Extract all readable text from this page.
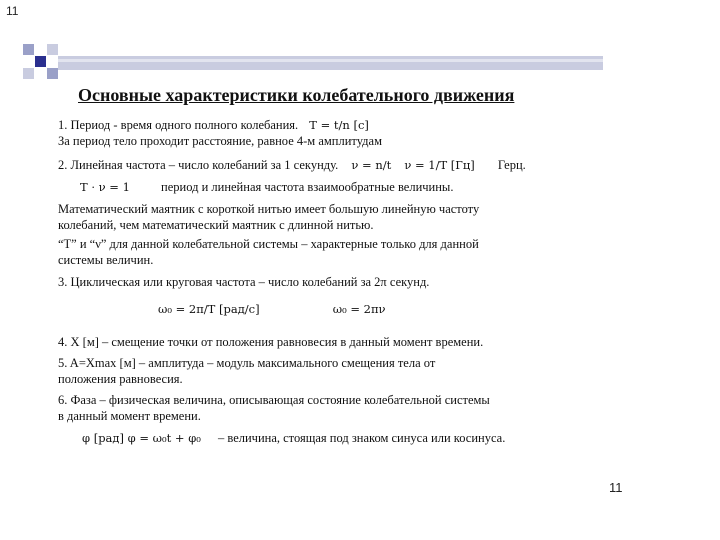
11
Основные характеристики колебательного движения
1. Период - время одного полного колебания. T = t/n [c]
За период тело проходит расстояние, равное 4-м амплитудам
2. Линейная частота – число колебаний за 1 секунду. ν = n/t ν = 1/T [Гц] Герц.
T · ν = 1 период и линейная частота взаимообратные величины.
Математический маятник с короткой нитью имеет большую линейную частоту
колебаний, чем математический маятник с длинной нитью.
“T” и “ν” для данной колебательной системы – характерные только для данной
системы величин.
3. Циклическая или круговая частота – число колебаний за 2π секунд.
ω₀ = 2π/T [рад/c]	ω₀ = 2πν
4. X [м] – смещение точки от положения равновесия в данный момент времени.
5. A=Xmax [м] – амплитуда – модуль максимального смещения тела от
положения равновесия.
6. Фаза – физическая величина, описывающая состояние колебательной системы
в данный момент времени.
φ [рад] φ = ω₀t + φ₀ – величина, стоящая под знаком синуса или косинуса.
11
